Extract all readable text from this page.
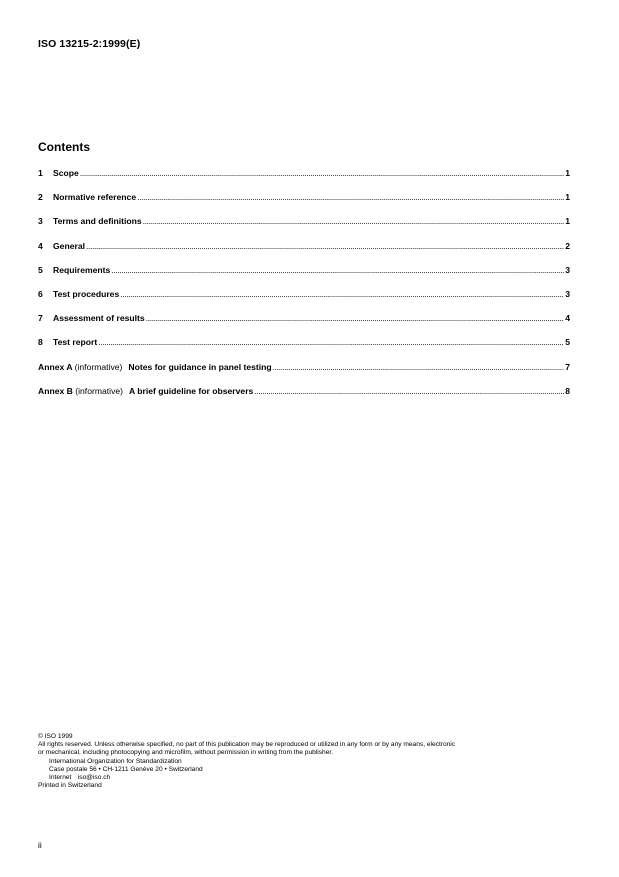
ISO 13215-2:1999(E)
Contents
1	Scope .....	1
2	Normative reference .....	1
3	Terms and definitions .....	1
4	General .....	2
5	Requirements .....	3
6	Test procedures .....	3
7	Assessment of results .....	4
8	Test report .....	5
Annex A (informative) Notes for guidance in panel testing .....	7
Annex B (informative) A brief guideline for observers .....	8
© ISO 1999
All rights reserved. Unless otherwise specified, no part of this publication may be reproduced or utilized in any form or by any means, electronic
or mechanical, including photocopying and microfilm, without permission in writing from the publisher.
International Organization for Standardization
Case postale 56 • CH-1211 Genève 20 • Switzerland
Internet iso@iso.ch
Printed in Switzerland
ii
